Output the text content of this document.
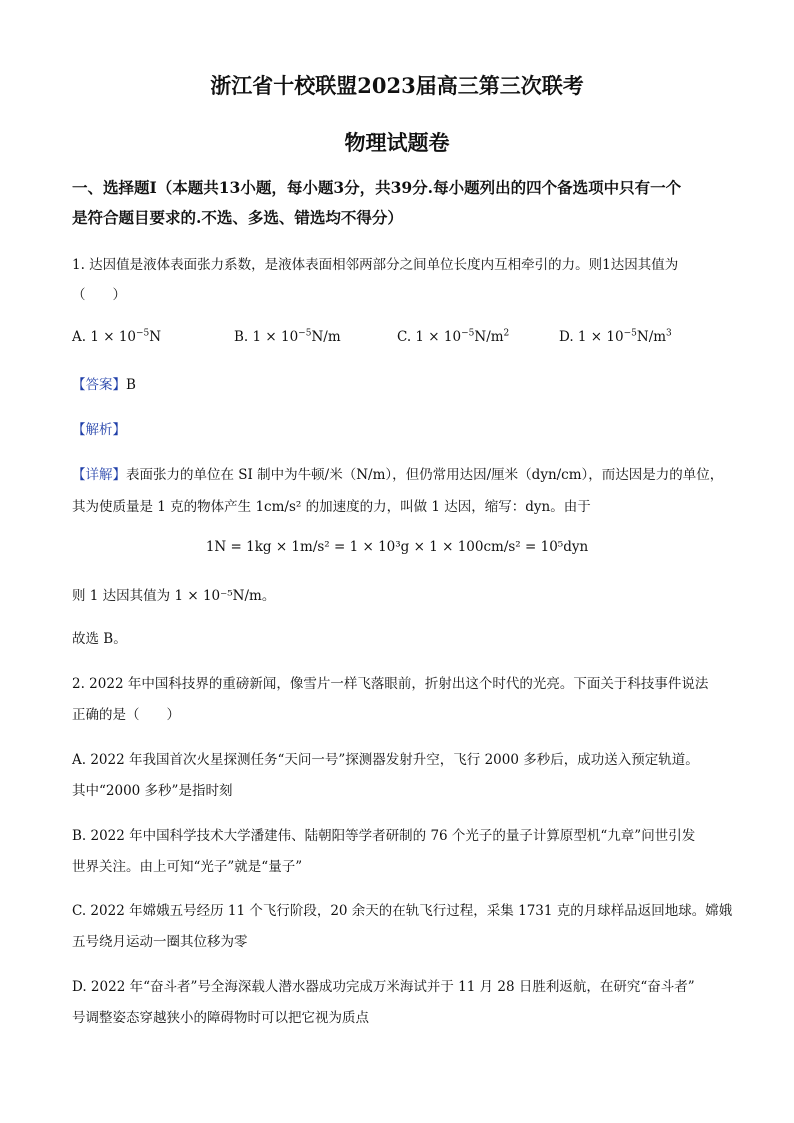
浙江省十校联盟2023届高三第三次联考
物理试题卷
一、选择题Ⅰ（本题共13小题，每小题3分，共39分.每小题列出的四个备选项中只有一个
是符合题目要求的.不选、多选、错选均不得分）
1. 达因值是液体表面张力系数，是液体表面相邻两部分之间单位长度内互相牵引的力。则1达因其值为
（　　）
A. $1 \times 10^{-5}N$	B. $1 \times 10^{-5}N/m$	C. $1 \times 10^{-5}N/m^2$	D. $1 \times 10^{-5}N/m^3$
【答案】B
【解析】
【详解】表面张力的单位在 SI 制中为牛顿/米（N/m），但仍常用达因/厘米（dyn/cm），而达因是力的单位，
其为使质量是 1 克的物体产生 1cm/s² 的加速度的力，叫做 1 达因，缩写：dyn。由于
1N = 1kg × 1m/s² = 1 × 10³g × 1 × 100cm/s² = 10⁵dyn
则 1 达因其值为 1 × 10⁻⁵N/m。
故选 B。
2. 2022 年中国科技界的重磅新闻，像雪片一样飞落眼前，折射出这个时代的光亮。下面关于科技事件说法
正确的是（　　）
A. 2022 年我国首次火星探测任务“天问一号”探测器发射升空，飞行 2000 多秒后，成功送入预定轨道。
其中“2000 多秒”是指时刻
B. 2022 年中国科学技术大学潘建伟、陆朝阳等学者研制的 76 个光子的量子计算原型机“九章”问世引发
世界关注。由上可知“光子”就是“量子”
C. 2022 年嫦娥五号经历 11 个飞行阶段，20 余天的在轨飞行过程，采集 1731 克的月球样品返回地球。嫦娥
五号绕月运动一圈其位移为零
D. 2022 年“奋斗者”号全海深载人潜水器成功完成万米海试并于 11 月 28 日胜利返航，在研究“奋斗者”
号调整姿态穿越狭小的障碍物时可以把它视为质点
